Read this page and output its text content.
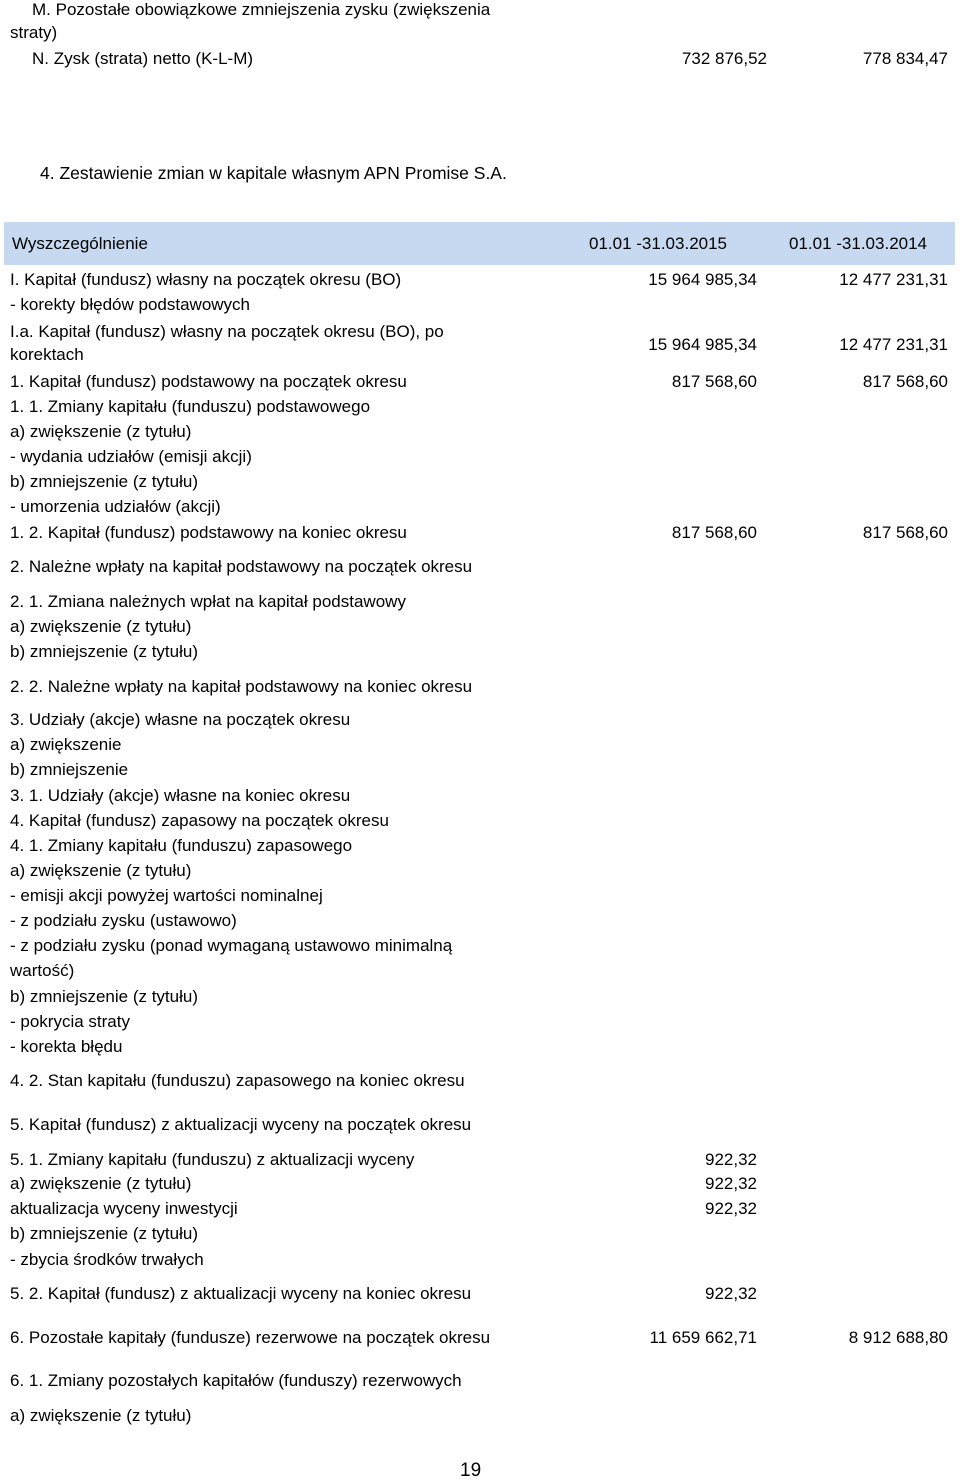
M. Pozostałe obowiązkowe zmniejszenia zysku (zwiększenia
straty)
N. Zysk (strata) netto (K-L-M)	732 876,52	778 834,47
4. Zestawienie zmian w kapitale własnym APN Promise S.A.
Wyszczególnienie	01.01 -31.03.2015	01.01 -31.03.2014
I. Kapitał (fundusz) własny na początek okresu (BO)	15 964 985,34	12 477 231,31
- korekty błędów podstawowych
I.a. Kapitał (fundusz) własny na początek okresu (BO), po
korektach
15 964 985,34	12 477 231,31
1. Kapitał (fundusz) podstawowy na początek okresu	817 568,60	817 568,60
1. 1. Zmiany kapitału (funduszu) podstawowego
a) zwiększenie (z tytułu)
- wydania udziałów (emisji akcji)
b) zmniejszenie (z tytułu)
- umorzenia udziałów (akcji)
1. 2. Kapitał (fundusz) podstawowy na koniec okresu	817 568,60	817 568,60
2. Należne wpłaty na kapitał podstawowy na początek okresu
2. 1. Zmiana należnych wpłat na kapitał podstawowy
a) zwiększenie (z tytułu)
b) zmniejszenie (z tytułu)
2. 2. Należne wpłaty na kapitał podstawowy na koniec okresu
3. Udziały (akcje) własne na początek okresu
a) zwiększenie
b) zmniejszenie
3. 1. Udziały (akcje) własne na koniec okresu
4. Kapitał (fundusz) zapasowy na początek okresu
4. 1. Zmiany kapitału (funduszu) zapasowego
a) zwiększenie (z tytułu)
- emisji akcji powyżej wartości nominalnej
- z podziału zysku (ustawowo)
- z podziału zysku (ponad wymaganą ustawowo minimalną
wartość)
b) zmniejszenie (z tytułu)
- pokrycia straty
- korekta błędu
4. 2. Stan kapitału (funduszu) zapasowego na koniec okresu
5. Kapitał (fundusz) z aktualizacji wyceny na początek okresu
5. 1. Zmiany kapitału (funduszu) z aktualizacji wyceny	922,32
a) zwiększenie (z tytułu)	922,32
aktualizacja wyceny inwestycji	922,32
b) zmniejszenie (z tytułu)
- zbycia środków trwałych
5. 2. Kapitał (fundusz) z aktualizacji wyceny na koniec okresu	922,32
6. Pozostałe kapitały (fundusze) rezerwowe na początek okresu	11 659 662,71	8 912 688,80
6. 1. Zmiany pozostałych kapitałów (funduszy) rezerwowych
a) zwiększenie (z tytułu)
19
